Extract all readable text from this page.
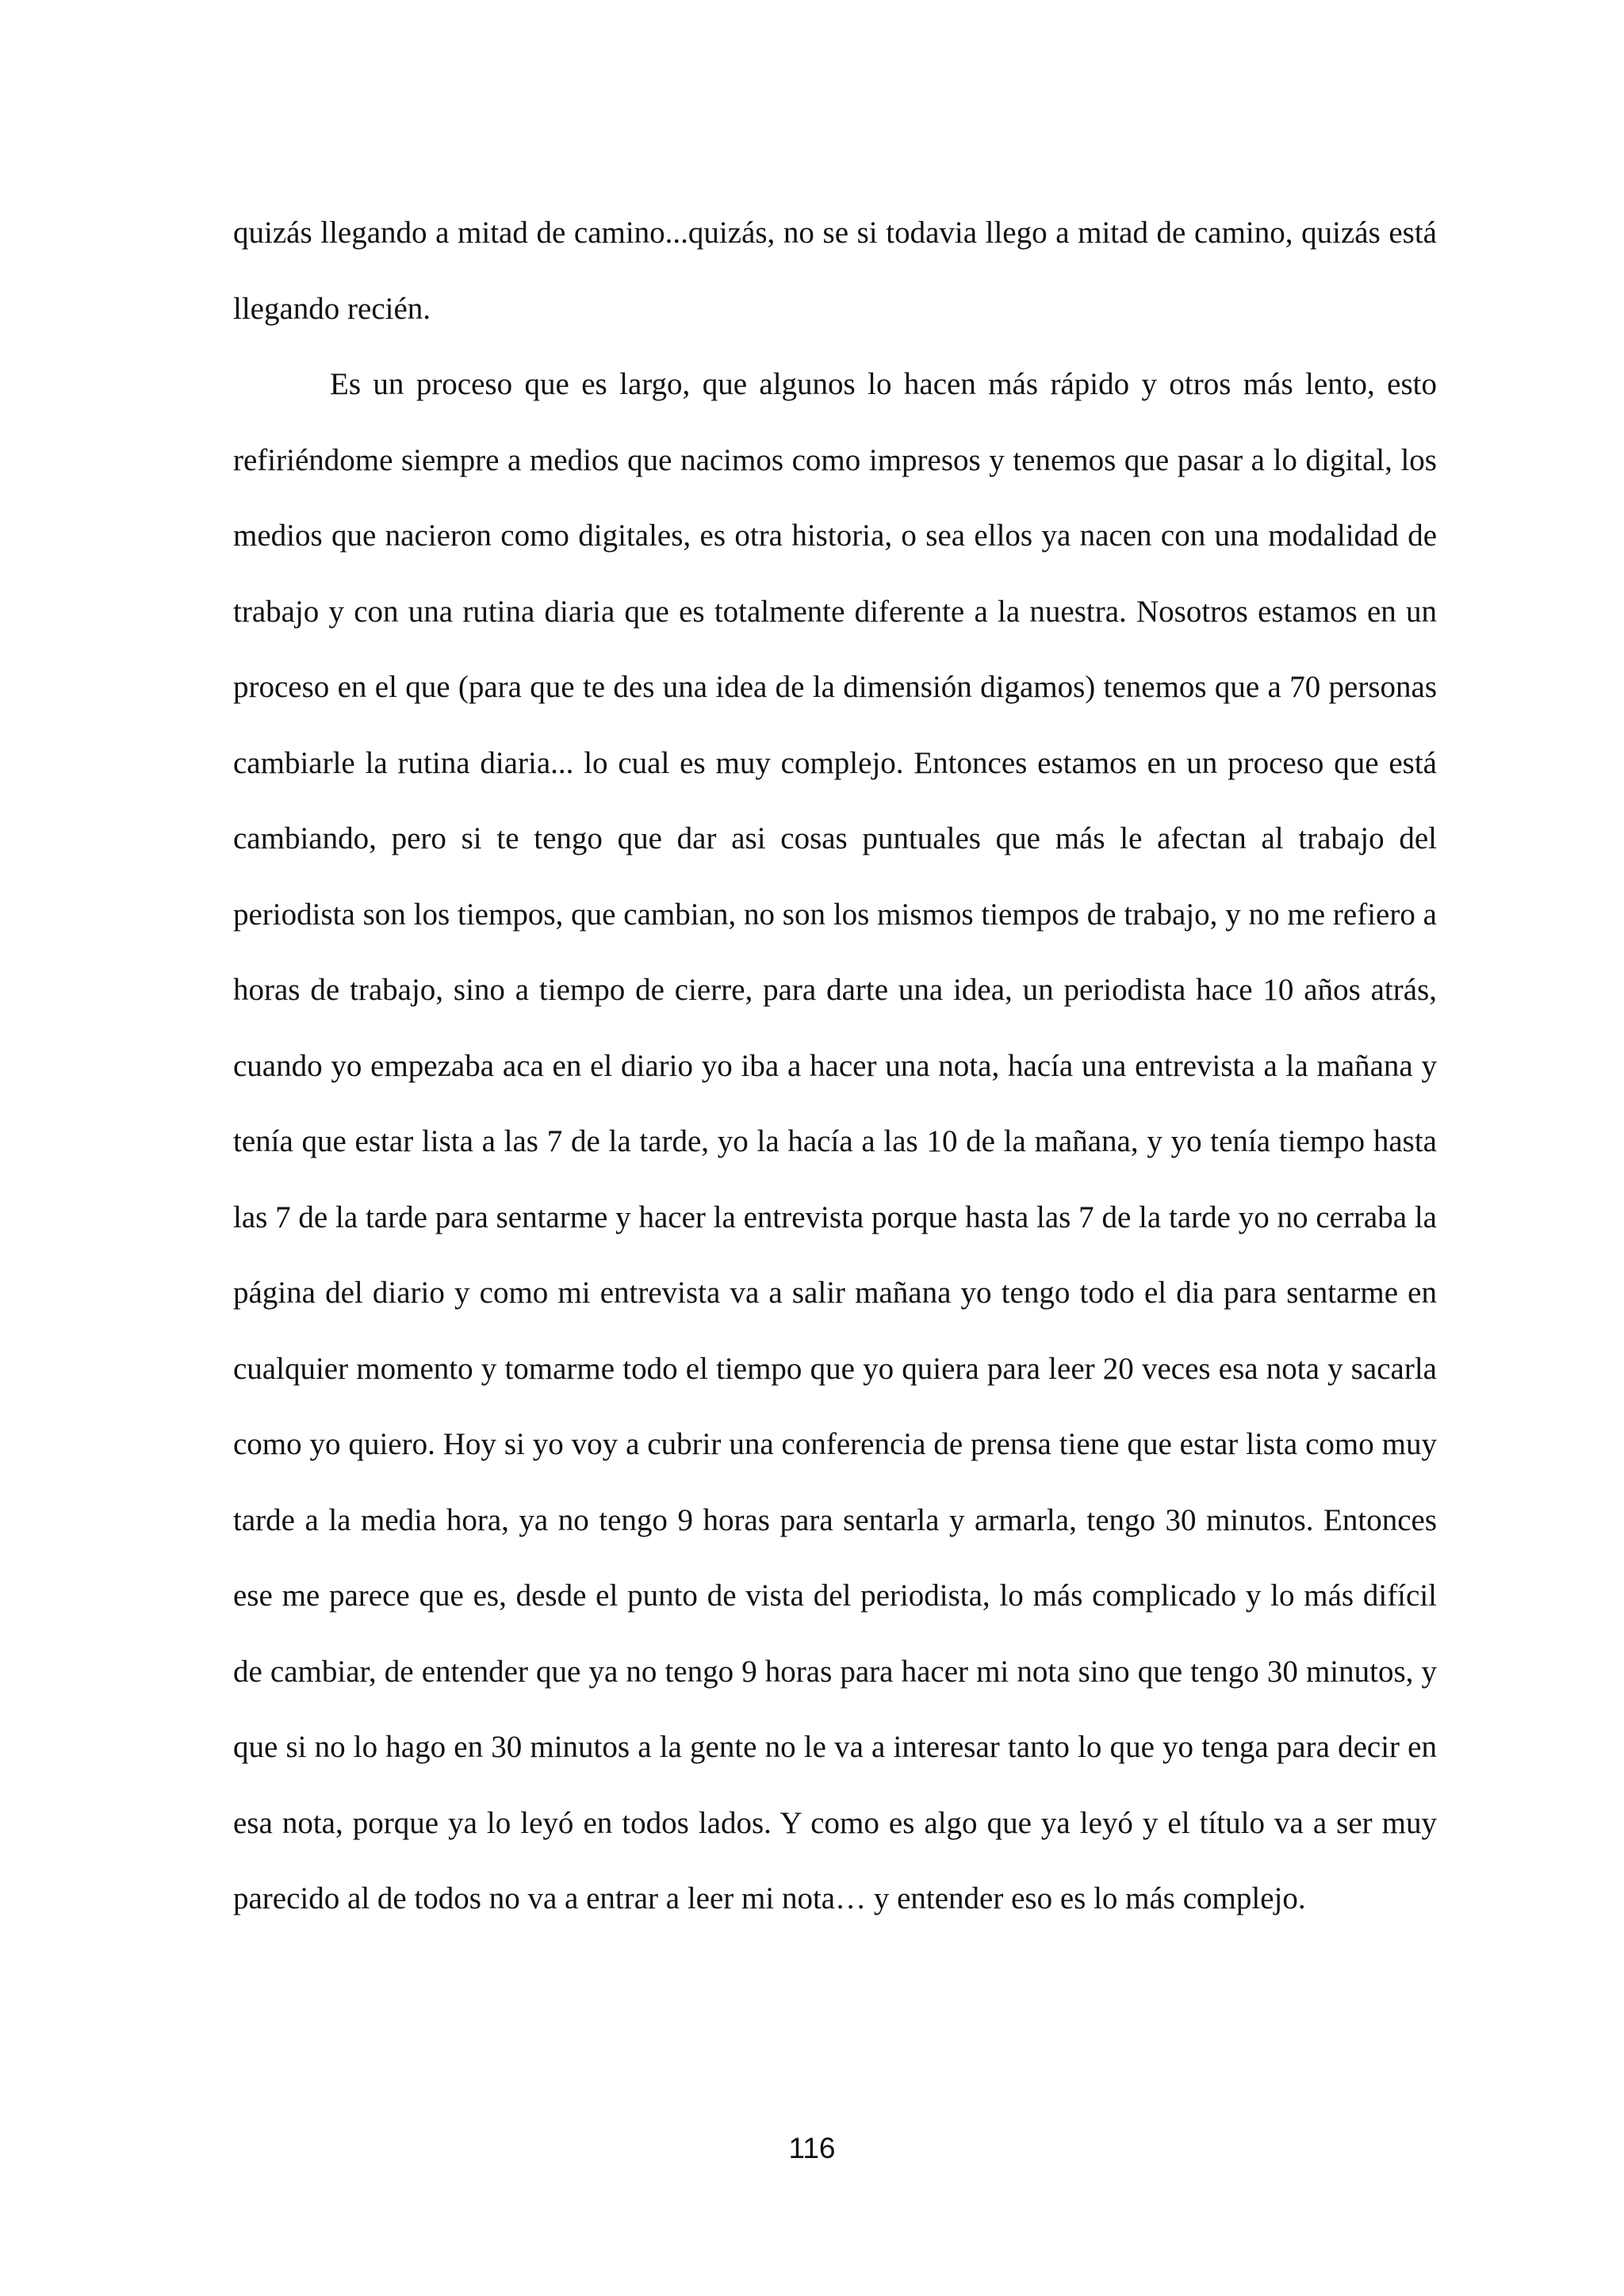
quizás llegando a mitad de camino...quizás, no se si todavia llego a mitad de camino, quizás está llegando recién.

Es un proceso que es largo, que algunos lo hacen más rápido y otros más lento, esto refiriéndome siempre a medios que nacimos como impresos y tenemos que pasar a lo digital, los medios que nacieron como digitales, es otra historia, o sea ellos ya nacen con una modalidad de trabajo y con una rutina diaria que es totalmente diferente a la nuestra. Nosotros estamos en un proceso en el que (para que te des una idea de la dimensión digamos) tenemos que a 70 personas cambiarle la rutina diaria... lo cual es muy complejo. Entonces estamos en un proceso que está cambiando, pero si te tengo que dar asi cosas puntuales que más le afectan al trabajo del periodista son los tiempos, que cambian, no son los mismos tiempos de trabajo, y no me refiero a horas de trabajo, sino a tiempo de cierre, para darte una idea, un periodista hace 10 años atrás, cuando yo empezaba aca en el diario yo iba a hacer una nota, hacía una entrevista a la mañana y tenía que estar lista a las 7 de la tarde, yo la hacía a las 10 de la mañana, y yo tenía tiempo hasta las 7 de la tarde para sentarme y hacer la entrevista porque hasta las 7 de la tarde yo no cerraba la página del diario y como mi entrevista va a salir mañana yo tengo todo el dia para sentarme en cualquier momento y tomarme todo el tiempo que yo quiera para leer 20 veces esa nota y sacarla como yo quiero. Hoy si yo voy a cubrir una conferencia de prensa tiene que estar lista como muy tarde a la media hora, ya no tengo 9 horas para sentarla y armarla, tengo 30 minutos. Entonces ese me parece que es, desde el punto de vista del periodista, lo más complicado y lo más difícil de cambiar, de entender que ya no tengo 9 horas para hacer mi nota sino que tengo 30 minutos, y que si no lo hago en 30 minutos a la gente no le va a interesar tanto lo que yo tenga para decir en esa nota, porque ya lo leyó en todos lados. Y como es algo que ya leyó y el título va a ser muy parecido al de todos no va a entrar a leer mi nota… y entender eso es lo más complejo.

116
